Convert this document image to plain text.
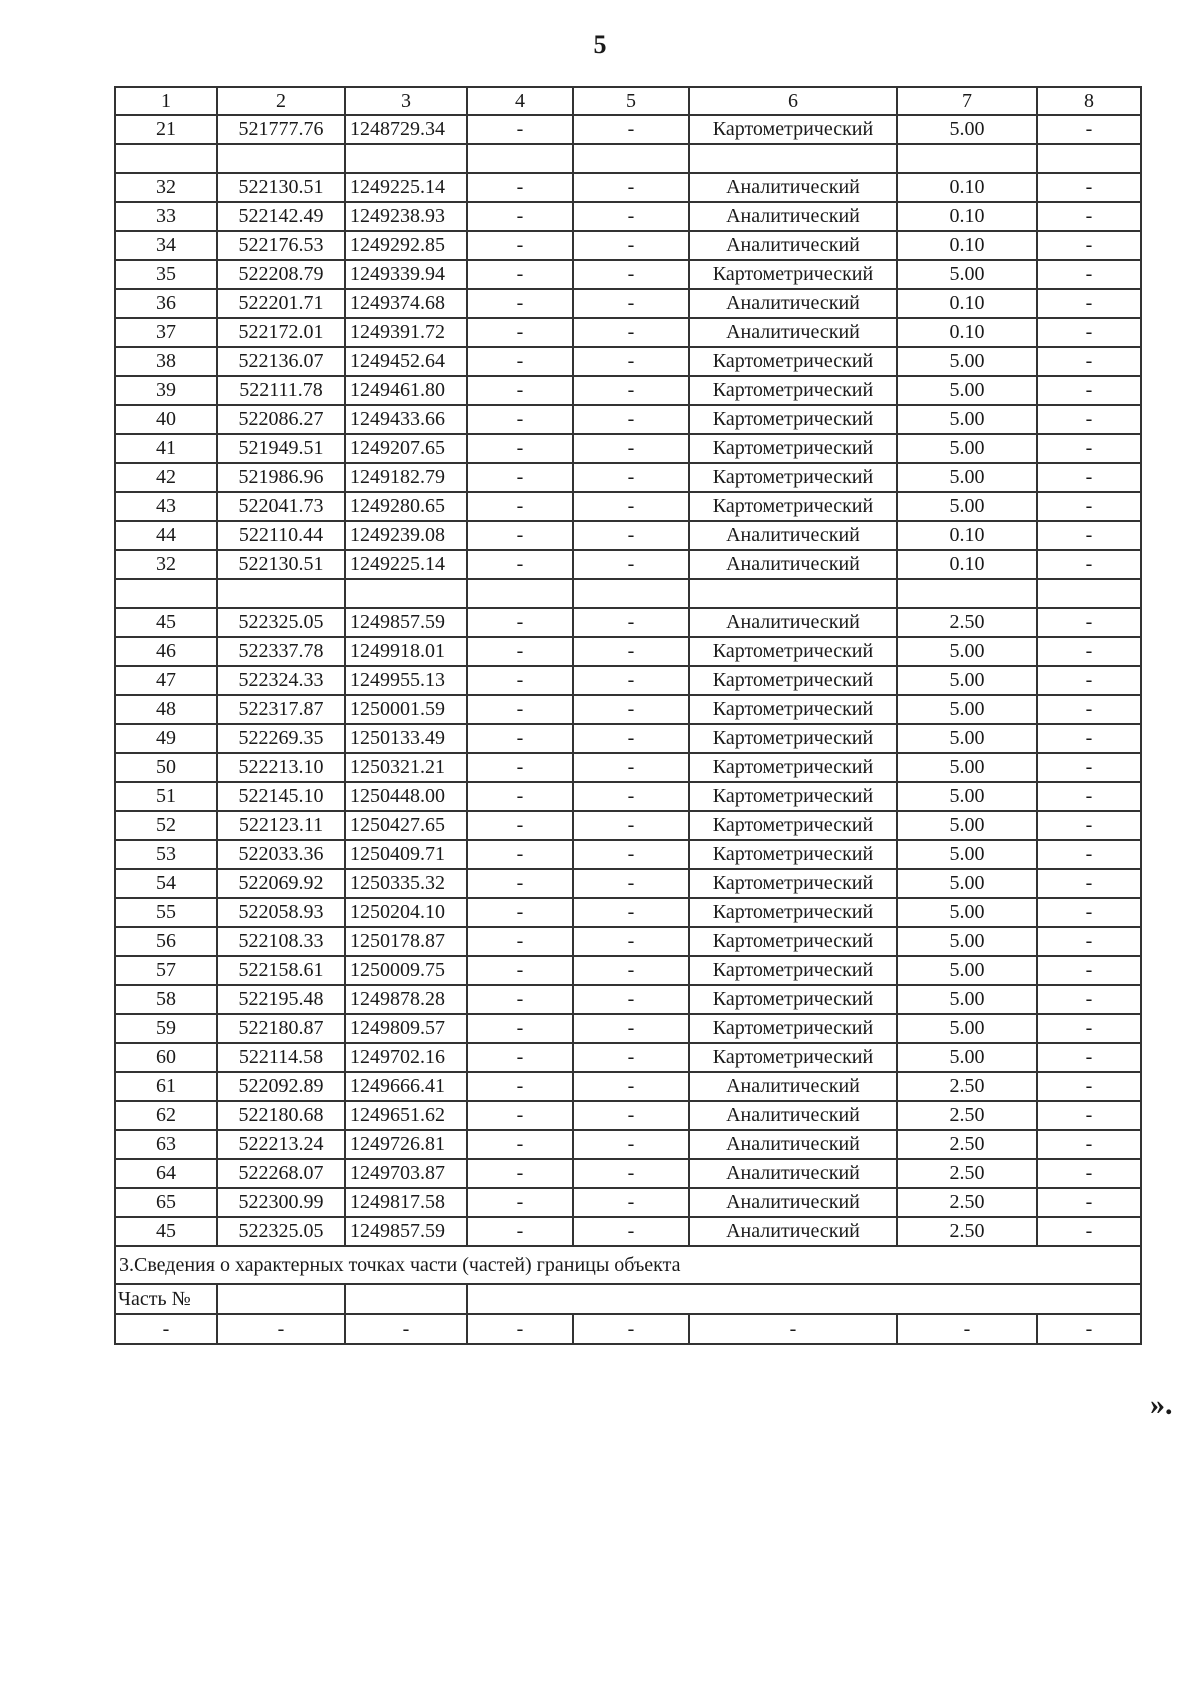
5
1	2	3	4	5	6	7	8
21	521777.76	1248729.34	-	-	Картометрический	5.00	-

32	522130.51	1249225.14	-	-	Аналитический	0.10	-
33	522142.49	1249238.93	-	-	Аналитический	0.10	-
34	522176.53	1249292.85	-	-	Аналитический	0.10	-
35	522208.79	1249339.94	-	-	Картометрический	5.00	-
36	522201.71	1249374.68	-	-	Аналитический	0.10	-
37	522172.01	1249391.72	-	-	Аналитический	0.10	-
38	522136.07	1249452.64	-	-	Картометрический	5.00	-
39	522111.78	1249461.80	-	-	Картометрический	5.00	-
40	522086.27	1249433.66	-	-	Картометрический	5.00	-
41	521949.51	1249207.65	-	-	Картометрический	5.00	-
42	521986.96	1249182.79	-	-	Картометрический	5.00	-
43	522041.73	1249280.65	-	-	Картометрический	5.00	-
44	522110.44	1249239.08	-	-	Аналитический	0.10	-
32	522130.51	1249225.14	-	-	Аналитический	0.10	-

45	522325.05	1249857.59	-	-	Аналитический	2.50	-
46	522337.78	1249918.01	-	-	Картометрический	5.00	-
47	522324.33	1249955.13	-	-	Картометрический	5.00	-
48	522317.87	1250001.59	-	-	Картометрический	5.00	-
49	522269.35	1250133.49	-	-	Картометрический	5.00	-
50	522213.10	1250321.21	-	-	Картометрический	5.00	-
51	522145.10	1250448.00	-	-	Картометрический	5.00	-
52	522123.11	1250427.65	-	-	Картометрический	5.00	-
53	522033.36	1250409.71	-	-	Картометрический	5.00	-
54	522069.92	1250335.32	-	-	Картометрический	5.00	-
55	522058.93	1250204.10	-	-	Картометрический	5.00	-
56	522108.33	1250178.87	-	-	Картометрический	5.00	-
57	522158.61	1250009.75	-	-	Картометрический	5.00	-
58	522195.48	1249878.28	-	-	Картометрический	5.00	-
59	522180.87	1249809.57	-	-	Картометрический	5.00	-
60	522114.58	1249702.16	-	-	Картометрический	5.00	-
61	522092.89	1249666.41	-	-	Аналитический	2.50	-
62	522180.68	1249651.62	-	-	Аналитический	2.50	-
63	522213.24	1249726.81	-	-	Аналитический	2.50	-
64	522268.07	1249703.87	-	-	Аналитический	2.50	-
65	522300.99	1249817.58	-	-	Аналитический	2.50	-
45	522325.05	1249857.59	-	-	Аналитический	2.50	-
3.Сведения о характерных точках части (частей) границы объекта							
Часть №							
-	-	-	-	-	-	-	-
».
